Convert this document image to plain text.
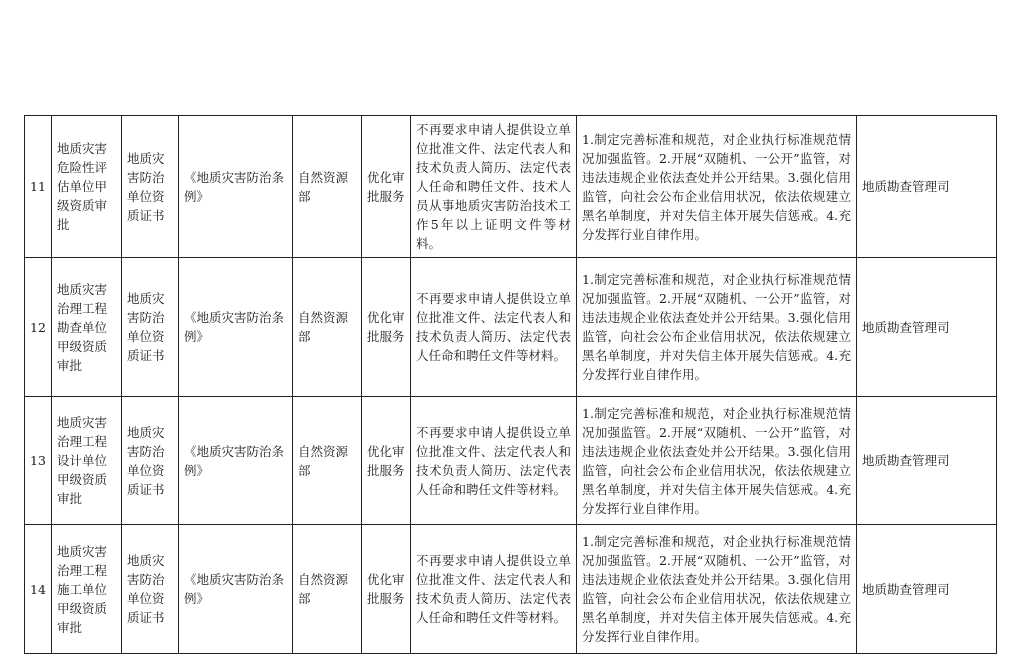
11	地质灾害危险性评估单位甲级资质审批	地质灾害防治单位资质证书	《地质灾害防治条例》	自然资源部	优化审批服务	不再要求申请人提供设立单位批准文件、法定代表人和技术负责人简历、法定代表人任命和聘任文件、技术人员从事地质灾害防治技术工作5年以上证明文件等材料。	1.制定完善标准和规范，对企业执行标准规范情况加强监管。2.开展“双随机、一公开”监管，对违法违规企业依法查处并公开结果。3.强化信用监管，向社会公布企业信用状况，依法依规建立黑名单制度，并对失信主体开展失信惩戒。4.充分发挥行业自律作用。	地质勘查管理司
12	地质灾害治理工程勘查单位甲级资质审批	地质灾害防治单位资质证书	《地质灾害防治条例》	自然资源部	优化审批服务	不再要求申请人提供设立单位批准文件、法定代表人和技术负责人简历、法定代表人任命和聘任文件等材料。	1.制定完善标准和规范，对企业执行标准规范情况加强监管。2.开展“双随机、一公开”监管，对违法违规企业依法查处并公开结果。3.强化信用监管，向社会公布企业信用状况，依法依规建立黑名单制度，并对失信主体开展失信惩戒。4.充分发挥行业自律作用。	地质勘查管理司
13	地质灾害治理工程设计单位甲级资质审批	地质灾害防治单位资质证书	《地质灾害防治条例》	自然资源部	优化审批服务	不再要求申请人提供设立单位批准文件、法定代表人和技术负责人简历、法定代表人任命和聘任文件等材料。	1.制定完善标准和规范，对企业执行标准规范情况加强监管。2.开展“双随机、一公开”监管，对违法违规企业依法查处并公开结果。3.强化信用监管，向社会公布企业信用状况，依法依规建立黑名单制度，并对失信主体开展失信惩戒。4.充分发挥行业自律作用。	地质勘查管理司
14	地质灾害治理工程施工单位甲级资质审批	地质灾害防治单位资质证书	《地质灾害防治条例》	自然资源部	优化审批服务	不再要求申请人提供设立单位批准文件、法定代表人和技术负责人简历、法定代表人任命和聘任文件等材料。	1.制定完善标准和规范，对企业执行标准规范情况加强监管。2.开展“双随机、一公开”监管，对违法违规企业依法查处并公开结果。3.强化信用监管，向社会公布企业信用状况，依法依规建立黑名单制度，并对失信主体开展失信惩戒。4.充分发挥行业自律作用。	地质勘查管理司
